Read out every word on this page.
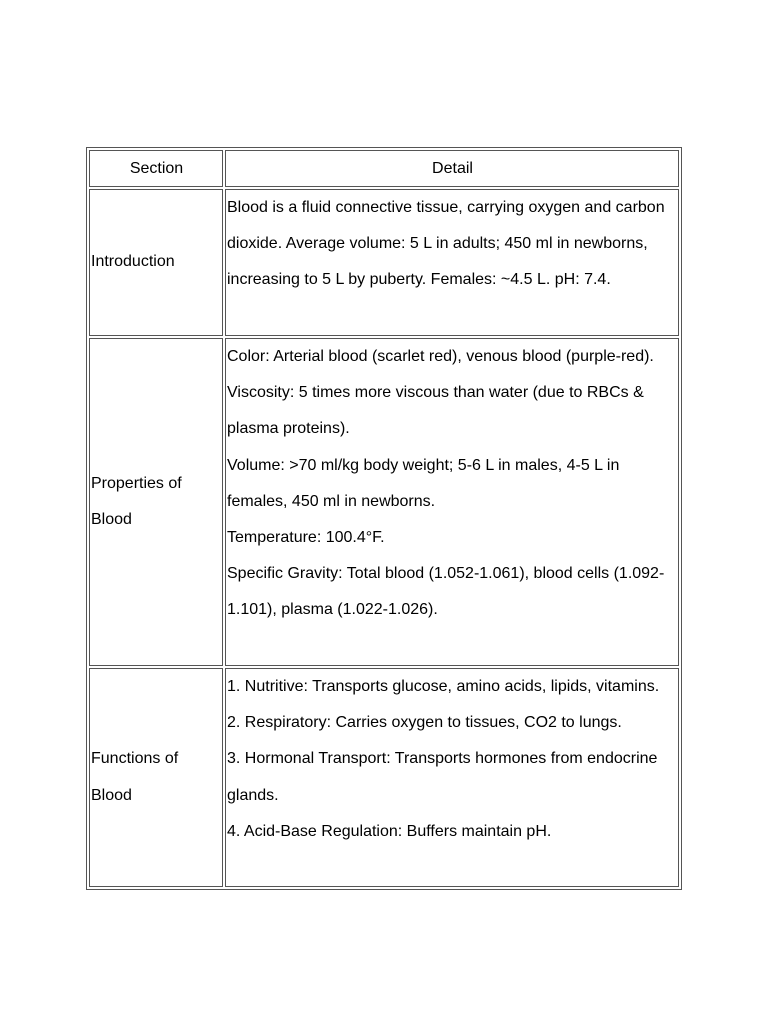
Section	Detail
Introduction	Blood is a fluid connective tissue, carrying oxygen and carbon dioxide. Average volume: 5 L in adults; 450 ml in newborns, increasing to 5 L by puberty. Females: ~4.5 L. pH: 7.4.
Properties of Blood	Color: Arterial blood (scarlet red), venous blood (purple-red).
Viscosity: 5 times more viscous than water (due to RBCs & plasma proteins).
Volume: >70 ml/kg body weight; 5-6 L in males, 4-5 L in females, 450 ml in newborns.
Temperature: 100.4°F.
Specific Gravity: Total blood (1.052-1.061), blood cells (1.092-1.101), plasma (1.022-1.026).

Functions of Blood	1. Nutritive: Transports glucose, amino acids, lipids, vitamins.
2. Respiratory: Carries oxygen to tissues, CO2 to lungs.
3. Hormonal Transport: Transports hormones from endocrine glands.
4. Acid-Base Regulation: Buffers maintain pH.
